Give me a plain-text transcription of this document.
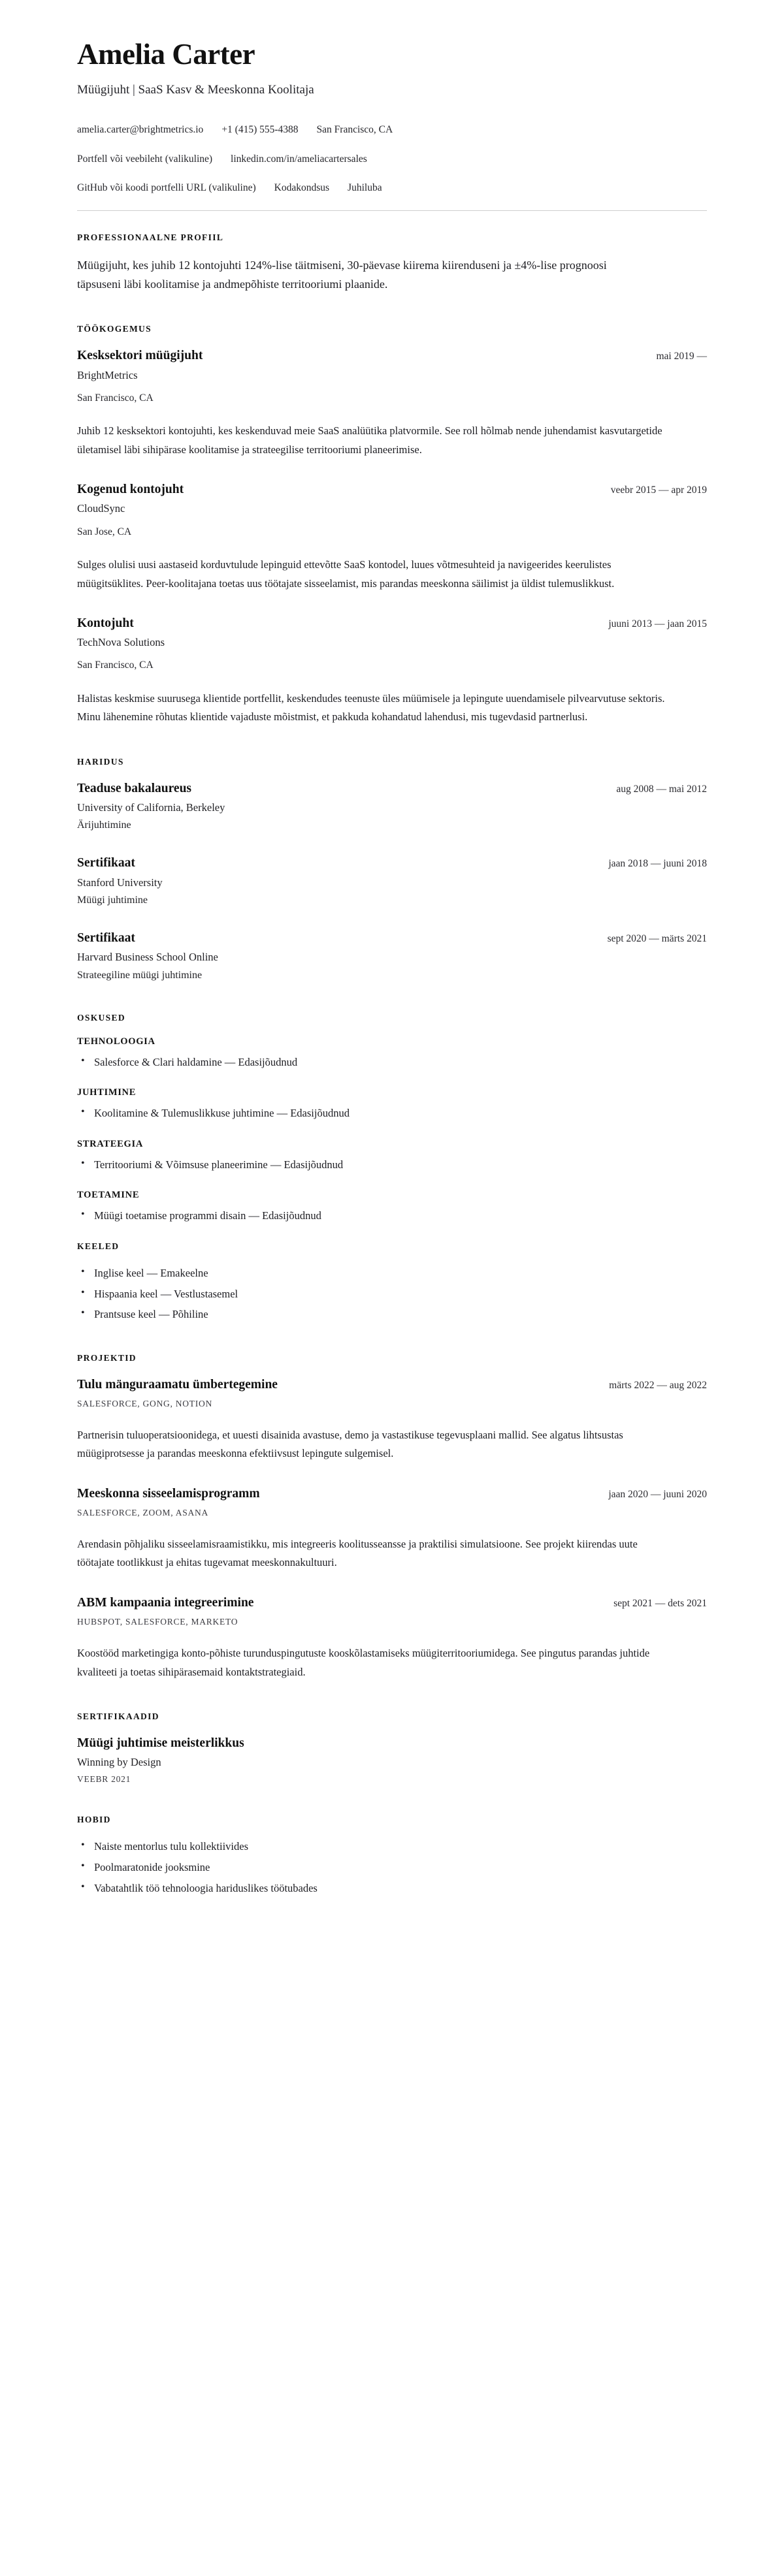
Amelia Carter
Müügijuht | SaaS Kasv & Meeskonna Koolitaja
amelia.carter@brightmetrics.io +1 (415) 555-4388 San Francisco, CA
Portfell või veebileht (valikuline) linkedin.com/in/ameliacartersales
GitHub või koodi portfelli URL (valikuline) Kodakondsus Juhiluba
PROFESSIONAALNE PROFIIL

Müügijuht, kes juhib 12 kontojuhti 124%-lise täitmiseni, 30-päevase kiirema kiirenduseni ja ±4%-lise prognoosi täpsuseni läbi koolitamise ja andmepõhiste territooriumi plaanide.

TÖÖKOGEMUS
Kesksektori müügijuht	mai 2019 —
BrightMetrics
San Francisco, CA

Juhib 12 kesksektori kontojuhti, kes keskenduvad meie SaaS analüütika platvormile. See roll hõlmab nende juhendamist kasvutargetide ületamisel läbi sihipärase koolitamise ja strateegilise territooriumi planeerimise.

Kogenud kontojuht	veebr 2015 — apr 2019
CloudSync
San Jose, CA

Sulges olulisi uusi aastaseid korduvtulude lepinguid ettevõtte SaaS kontodel, luues võtmesuhteid ja navigeerides keerulistes müügitsüklites. Peer-koolitajana toetas uus töötajate sisseelamist, mis parandas meeskonna säilimist ja üldist tulemuslikkust.

Kontojuht	juuni 2013 — jaan 2015
TechNova Solutions
San Francisco, CA

Halistas keskmise suurusega klientide portfellit, keskendudes teenuste üles müümisele ja lepingute uuendamisele pilvearvutuse sektoris. Minu lähenemine rõhutas klientide vajaduste mõistmist, et pakkuda kohandatud lahendusi, mis tugevdasid partnerlusi.

HARIDUS
Teaduse bakalaureus	aug 2008 — mai 2012
University of California, Berkeley
Ärijuhtimine
Sertifikaat	jaan 2018 — juuni 2018
Stanford University
Müügi juhtimine
Sertifikaat	sept 2020 — märts 2021
Harvard Business School Online
Strateegiline müügi juhtimine
OSKUSED
TEHNOLOOGIA
• Salesforce & Clari haldamine — Edasijõudnud
JUHTIMINE
• Koolitamine & Tulemuslikkuse juhtimine — Edasijõudnud
STRATEEGIA
• Territooriumi & Võimsuse planeerimine — Edasijõudnud
TOETAMINE
• Müügi toetamise programmi disain — Edasijõudnud
KEELED
• Inglise keel — Emakeelne
• Hispaania keel — Vestlustasemel
• Prantsuse keel — Põhiline
PROJEKTID
Tulu mänguraamatu ümbertegemine	märts 2022 — aug 2022
SALESFORCE, GONG, NOTION

Partnerisin tuluoperatsioonidega, et uuesti disainida avastuse, demo ja vastastikuse tegevusplaani mallid. See algatus lihtsustas müügiprotsesse ja parandas meeskonna efektiivsust lepingute sulgemisel.

Meeskonna sisseelamisprogramm	jaan 2020 — juuni 2020
SALESFORCE, ZOOM, ASANA

Arendasin põhjaliku sisseelamisraamistikku, mis integreeris koolitusseansse ja praktilisi simulatsioone. See projekt kiirendas uute töötajate tootlikkust ja ehitas tugevamat meeskonnakultuuri.

ABM kampaania integreerimine	sept 2021 — dets 2021
HUBSPOT, SALESFORCE, MARKETO

Koostööd marketingiga konto-põhiste turunduspingutuste kooskõlastamiseks müügiterritooriumidega. See pingutus parandas juhtide kvaliteeti ja toetas sihipärasemaid kontaktstrategiaid.

SERTIFIKAADID
Müügi juhtimise meisterlikkus
Winning by Design
VEEBR 2021
HOBID
• Naiste mentorlus tulu kollektiivides
• Poolmaratonide jooksmine
• Vabatahtlik töö tehnoloogia hariduslikes töötubades
